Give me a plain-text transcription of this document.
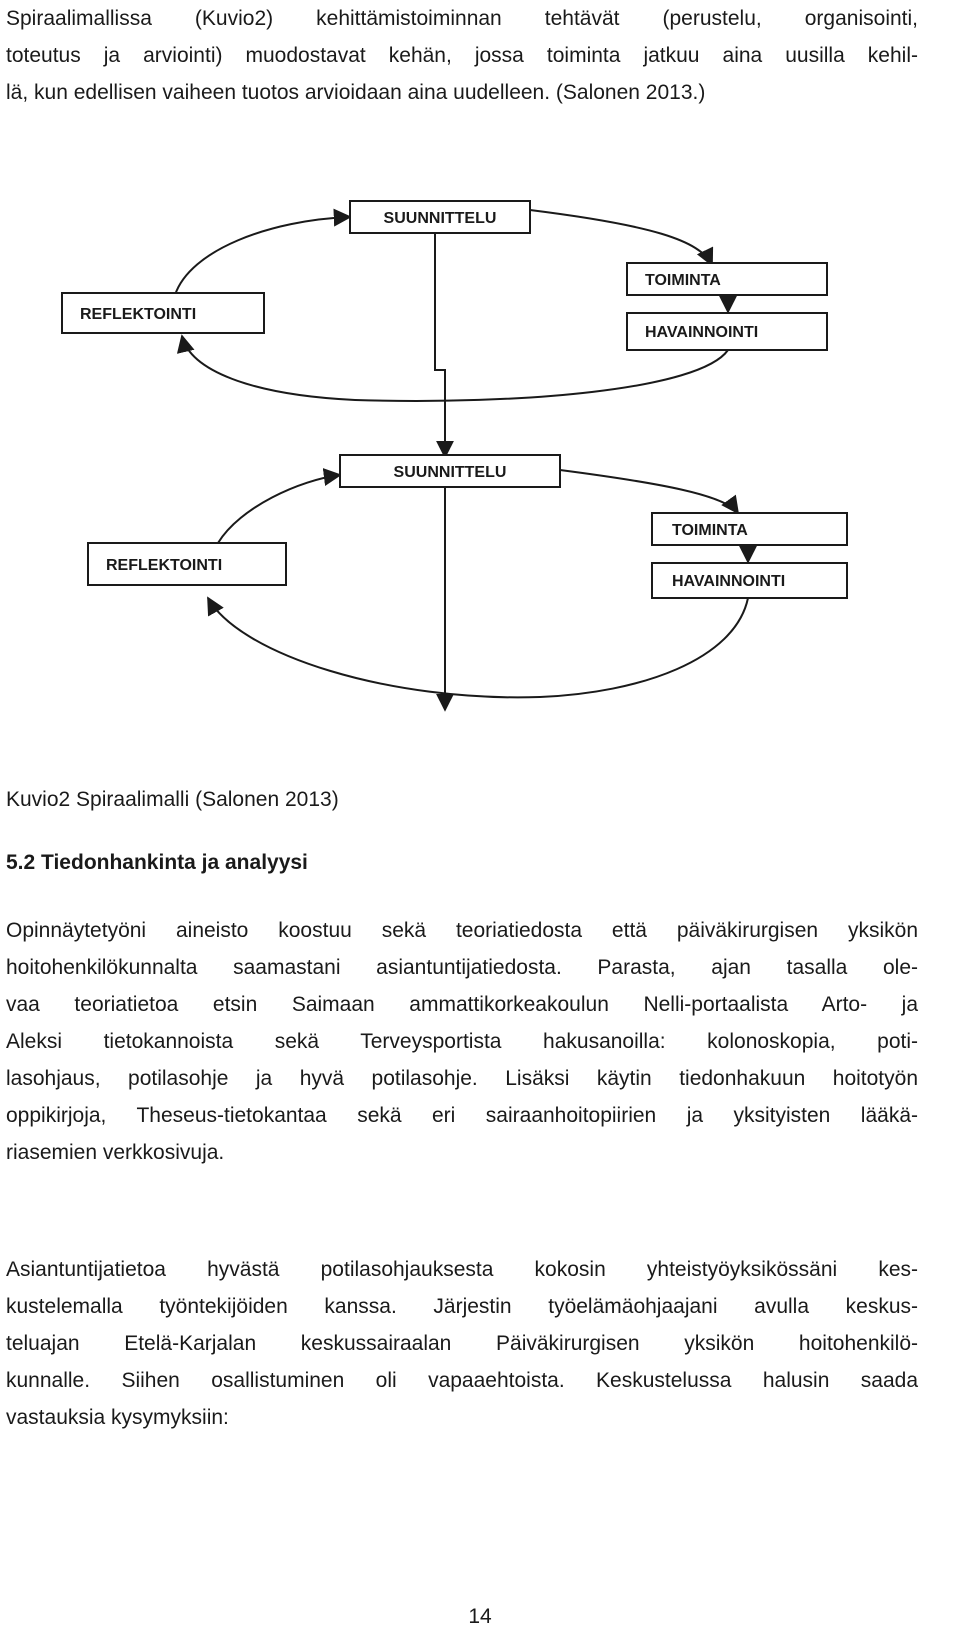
Spiraalimallissa (Kuvio2) kehittämistoiminnan tehtävät (perustelu, organisointi,
toteutus ja arviointi) muodostavat kehän, jossa toiminta jatkuu aina uusilla kehil-
lä, kun edellisen vaiheen tuotos arvioidaan aina uudelleen. (Salonen 2013.)
SUUNNITTELU
TOIMINTA
HAVAINNOINTI
REFLEKTOINTI
SUUNNITTELU
TOIMINTA
HAVAINNOINTI
REFLEKTOINTI
Kuvio2 Spiraalimalli (Salonen 2013)
5.2 Tiedonhankinta ja analyysi
Opinnäytetyöni aineisto koostuu sekä teoriatiedosta että päiväkirurgisen yksikön
hoitohenkilökunnalta saamastani asiantuntijatiedosta. Parasta, ajan tasalla ole-
vaa teoriatietoa etsin Saimaan ammattikorkeakoulun Nelli-portaalista Arto- ja
Aleksi tietokannoista sekä Terveysportista hakusanoilla: kolonoskopia, poti-
lasohjaus, potilasohje ja hyvä potilasohje. Lisäksi käytin tiedonhakuun hoitotyön
oppikirjoja, Theseus-tietokantaa sekä eri sairaanhoitopiirien ja yksityisten lääkä-
riasemien verkkosivuja.
Asiantuntijatietoa hyvästä potilasohjauksesta kokosin yhteistyöyksikössäni kes-
kustelemalla työntekijöiden kanssa. Järjestin työelämäohjaajani avulla keskus-
teluajan Etelä-Karjalan keskussairaalan Päiväkirurgisen yksikön hoitohenkilö-
kunnalle. Siihen osallistuminen oli vapaaehtoista. Keskustelussa halusin saada
vastauksia kysymyksiin:
14
